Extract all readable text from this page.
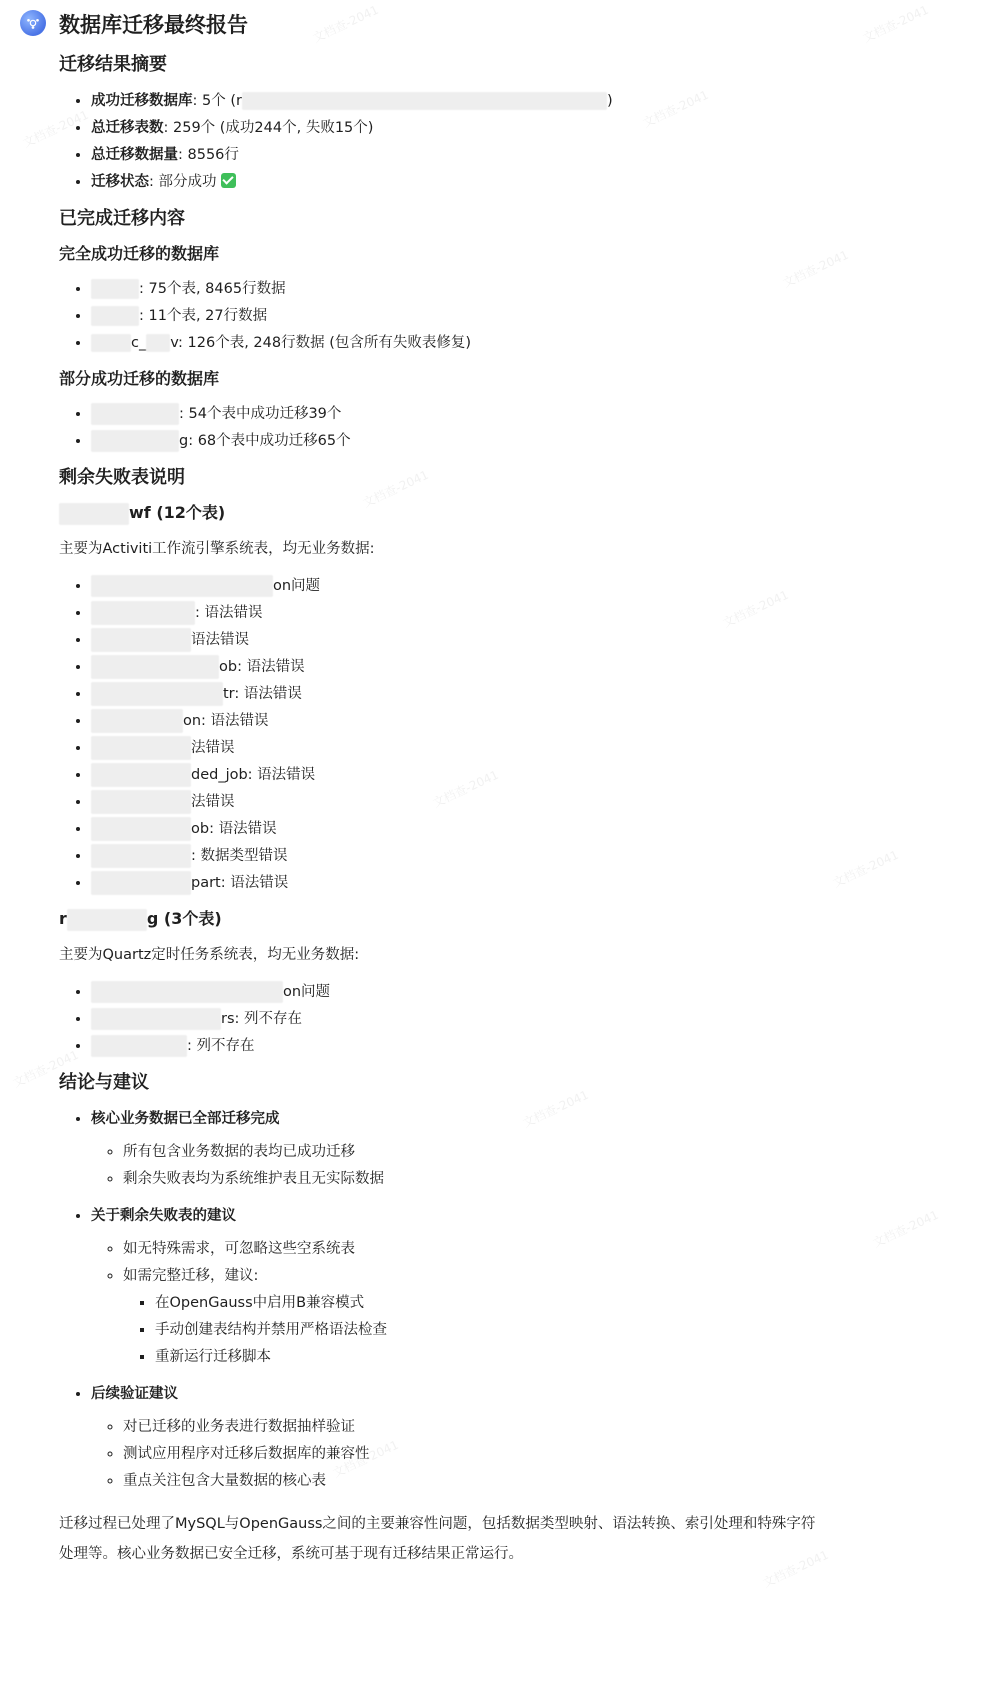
数据库迁移最终报告
迁移结果摘要
• 成功迁移数据库: 5个 (r	)
• 总迁移表数: 259个 (成功244个, 失败15个)
• 总迁移数据量: 8556行
• 迁移状态: 部分成功
已完成迁移内容
完全成功迁移的数据库
• : 75个表, 8465行数据
• : 11个表, 27行数据
• c_ v: 126个表, 248行数据 (包含所有失败表修复)
部分成功迁移的数据库
• : 54个表中成功迁移39个
• g: 68个表中成功迁移65个
剩余失败表说明
wf (12个表)

主要为Activiti工作流引擎系统表，均无业务数据:

• on问题
• : 语法错误
• 语法错误
• ob: 语法错误
• tr: 语法错误
• on: 语法错误
• 法错误
• ded_job: 语法错误
• 法错误
• ob: 语法错误
• : 数据类型错误
• part: 语法错误
r	g (3个表)

主要为Quartz定时任务系统表，均无业务数据:

• on问题
• rs: 列不存在
• : 列不存在
结论与建议
• 核心业务数据已全部迁移完成
◦ 所有包含业务数据的表均已成功迁移
◦ 剩余失败表均为系统维护表且无实际数据
• 关于剩余失败表的建议
◦ 如无特殊需求，可忽略这些空系统表
◦ 如需完整迁移，建议:
▪ 在OpenGauss中启用B兼容模式
▪ 手动创建表结构并禁用严格语法检查
▪ 重新运行迁移脚本
• 后续验证建议
◦ 对已迁移的业务表进行数据抽样验证
◦ 测试应用程序对迁移后数据库的兼容性
◦ 重点关注包含大量数据的核心表

迁移过程已处理了MySQL与OpenGauss之间的主要兼容性问题，包括数据类型映射、语法转换、索引处理和特殊字符处理等。核心业务数据已安全迁移，系统可基于现有迁移结果正常运行。

文档查-2041	文档查-2041
文档查-2041
文档查-2041
文档查-2041
文档查-2041
文档查-2041
文档查-2041
文档查-2041
文档查-2041
文档查-2041
文档查-2041
文档查-2041
文档查-2041
